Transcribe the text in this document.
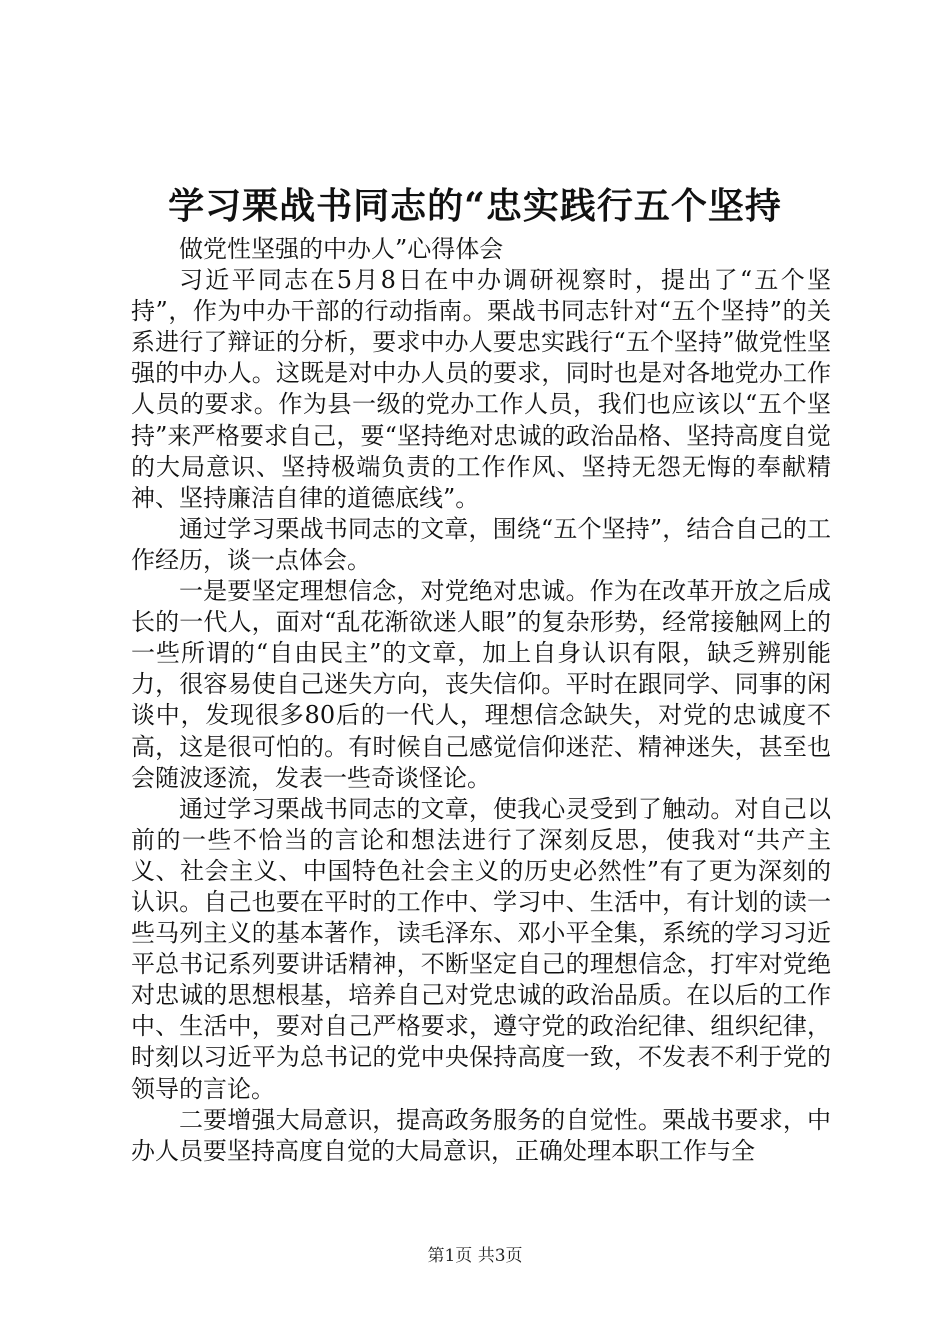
学习栗战书同志的“忠实践行五个坚持

做党性坚强的中办人”心得体会

习近平同志在5月8日在中办调研视察时，提出了“五个坚持”，作为中办干部的行动指南。栗战书同志针对“五个坚持”的关系进行了辩证的分析，要求中办人要忠实践行“五个坚持”做党性坚强的中办人。这既是对中办人员的要求，同时也是对各地党办工作人员的要求。作为县一级的党办工作人员，我们也应该以“五个坚持”来严格要求自己，要“坚持绝对忠诚的政治品格、坚持高度自觉的大局意识、坚持极端负责的工作作风、坚持无怨无悔的奉献精神、坚持廉洁自律的道德底线”。

通过学习栗战书同志的文章，围绕“五个坚持”，结合自己的工作经历，谈一点体会。

一是要坚定理想信念，对党绝对忠诚。作为在改革开放之后成长的一代人，面对“乱花渐欲迷人眼”的复杂形势，经常接触网上的一些所谓的“自由民主”的文章，加上自身认识有限，缺乏辨别能力，很容易使自己迷失方向，丧失信仰。平时在跟同学、同事的闲谈中，发现很多80后的一代人，理想信念缺失，对党的忠诚度不高，这是很可怕的。有时候自己感觉信仰迷茫、精神迷失，甚至也会随波逐流，发表一些奇谈怪论。

通过学习栗战书同志的文章，使我心灵受到了触动。对自己以前的一些不恰当的言论和想法进行了深刻反思，使我对“共产主义、社会主义、中国特色社会主义的历史必然性”有了更为深刻的认识。自己也要在平时的工作中、学习中、生活中，有计划的读一些马列主义的基本著作，读毛泽东、邓小平全集，系统的学习习近平总书记系列要讲话精神，不断坚定自己的理想信念，打牢对党绝对忠诚的思想根基，培养自己对党忠诚的政治品质。在以后的工作中、生活中，要对自己严格要求，遵守党的政治纪律、组织纪律，时刻以习近平为总书记的党中央保持高度一致，不发表不利于党的领导的言论。

二要增强大局意识，提高政务服务的自觉性。栗战书要求，中办人员要坚持高度自觉的大局意识，正确处理本职工作与全

第1页 共3页
